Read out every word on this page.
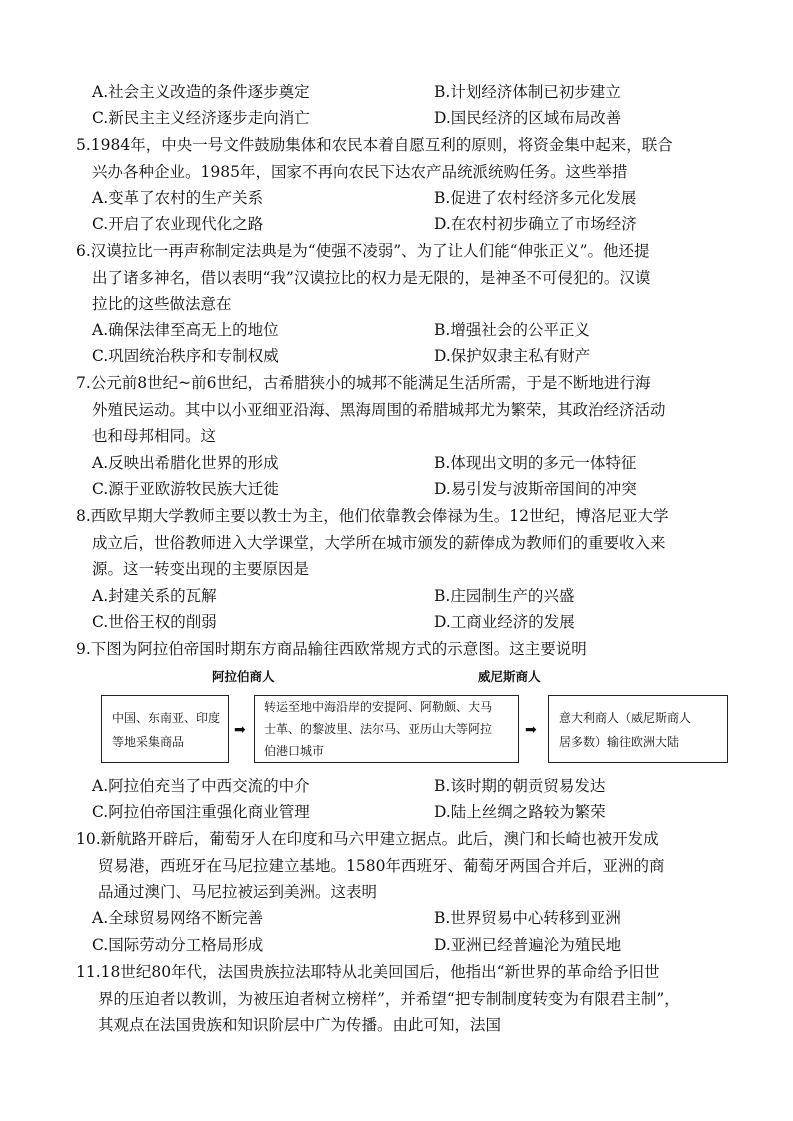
A.社会主义改造的条件逐步奠定	B.计划经济体制已初步建立
C.新民主主义经济逐步走向消亡	D.国民经济的区域布局改善
5.1984年，中央一号文件鼓励集体和农民本着自愿互利的原则，将资金集中起来，联合
兴办各种企业。1985年，国家不再向农民下达农产品统派统购任务。这些举措
A.变革了农村的生产关系	B.促进了农村经济多元化发展
C.开启了农业现代化之路	D.在农村初步确立了市场经济
6.汉谟拉比一再声称制定法典是为“使强不凌弱”、为了让人们能“伸张正义”。他还提
出了诸多神名，借以表明“我”汉谟拉比的权力是无限的，是神圣不可侵犯的。汉谟
拉比的这些做法意在
A.确保法律至高无上的地位	B.增强社会的公平正义
C.巩固统治秩序和专制权威	D.保护奴隶主私有财产
7.公元前8世纪~前6世纪，古希腊狭小的城邦不能满足生活所需，于是不断地进行海
外殖民运动。其中以小亚细亚沿海、黑海周围的希腊城邦尤为繁荣，其政治经济活动
也和母邦相同。这
A.反映出希腊化世界的形成	B.体现出文明的多元一体特征
C.源于亚欧游牧民族大迁徙	D.易引发与波斯帝国间的冲突
8.西欧早期大学教师主要以教士为主，他们依靠教会俸禄为生。12世纪，博洛尼亚大学
成立后，世俗教师进入大学课堂，大学所在城市颁发的薪俸成为教师们的重要收入来
源。这一转变出现的主要原因是
A.封建关系的瓦解	B.庄园制生产的兴盛
C.世俗王权的削弱	D.工商业经济的发展
9.下图为阿拉伯帝国时期东方商品输往西欧常规方式的示意图。这主要说明
阿拉伯商人	威尼斯商人
中国、东南亚、印度
等地采集商品
➡
转运至地中海沿岸的安提阿、阿勒颇、大马
士革、的黎波里、法尔马、亚历山大等阿拉
伯港口城市
➡
意大利商人（威尼斯商人
居多数）输往欧洲大陆
A.阿拉伯充当了中西交流的中介	B.该时期的朝贡贸易发达
C.阿拉伯帝国注重强化商业管理	D.陆上丝绸之路较为繁荣
10.新航路开辟后，葡萄牙人在印度和马六甲建立据点。此后，澳门和长崎也被开发成
贸易港，西班牙在马尼拉建立基地。1580年西班牙、葡萄牙两国合并后，亚洲的商
品通过澳门、马尼拉被运到美洲。这表明
A.全球贸易网络不断完善	B.世界贸易中心转移到亚洲
C.国际劳动分工格局形成	D.亚洲已经普遍沦为殖民地
11.18世纪80年代，法国贵族拉法耶特从北美回国后，他指出“新世界的革命给予旧世
界的压迫者以教训，为被压迫者树立榜样”，并希望“把专制制度转变为有限君主制”，
其观点在法国贵族和知识阶层中广为传播。由此可知，法国
